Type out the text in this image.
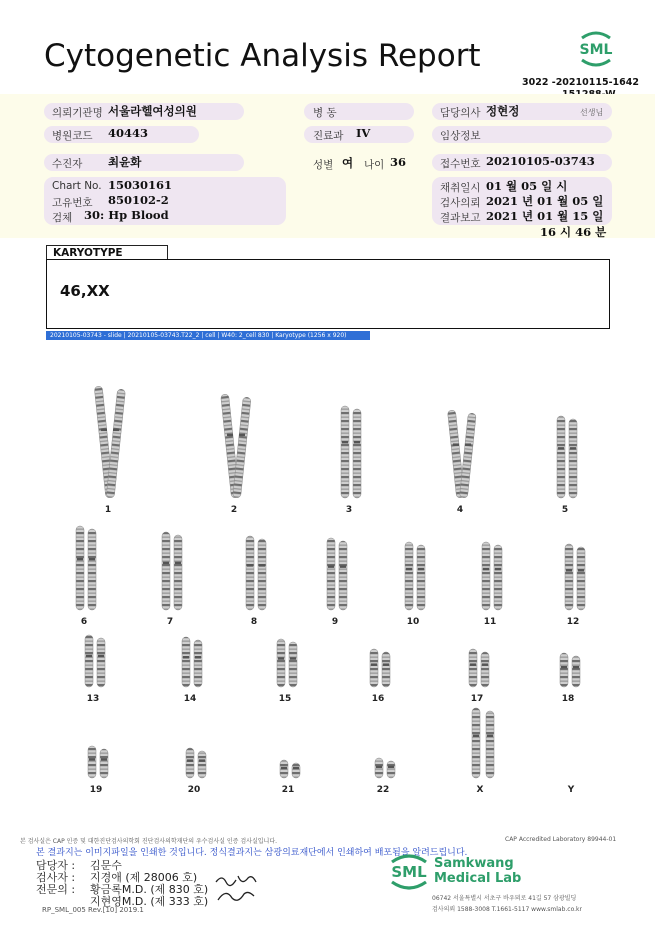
Cytogenetic Analysis Report	SML
3022 -20210115-1642
의뢰기관명 서울라헬여성의원	병 동	담당의사 정현정	선생님
병원코드 40443	진료과 IV	임상정보
수진자 최윤화	성별 여 나이 36	접수번호 20210105-03743
Chart No. 15030161
고유번호 850102-2
검체 30: Hp Blood
채취일시 01 월 05 일 시
검사의뢰 2021 년 01 월 05 일
결과보고 2021 년 01 월 15 일
16 시 46 분
KARYOTYPE
46,XX
20210105-03743 - slide | 20210105-03743.T22_2 | cell | W40: 2_cell 830 | Karyotype (1256 x 920)
1	2	3	4	5
6	7	8	9	10	11	12
13	14	15	16	17	18
19	20	21	22	X	Y
본 검사실은 CAP 인증 및 대한진단검사의학회 진단검사의학재단의 우수검사실 인증 검사실입니다.	CAP Accredited Laboratory 89944-01
본 결과지는 이미지파일을 인쇄한 것입니다. 정식결과지는 삼광의료재단에서 인쇄하여 배포됨을 알려드립니다.
담당자 : 김문수
검사자 : 지경애 (제 28006 호)
전문의 : 황금록M.D. (제 830 호)
지현영M.D. (제 333 호)
SML Samkwang
Medical Lab
06742 서울특별시 서초구 바우뫼로 41길 57 삼광빌딩
검사의뢰 1588-3008 T.1661-5117 www.smlab.co.kr
RP_SML_005 Rev.[10] 2019.1
